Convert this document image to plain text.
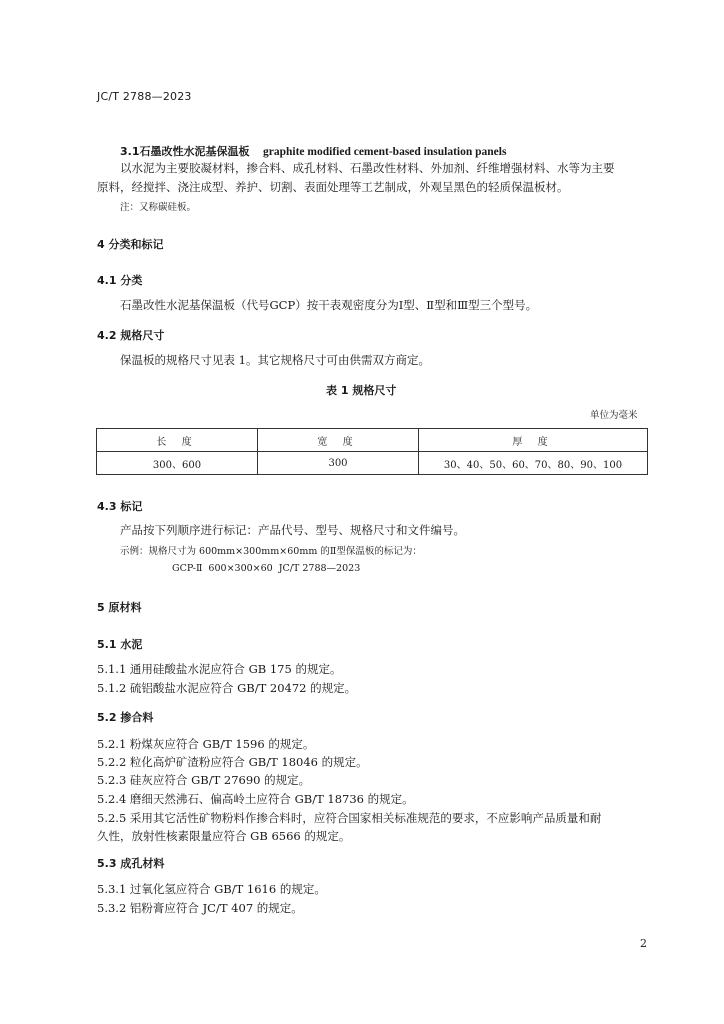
JC/T 2788—2023
3.1石墨改性水泥基保温板 graphite modified cement-based insulation panels
以水泥为主要胶凝材料，掺合料、成孔材料、石墨改性材料、外加剂、纤维增强材料、水等为主要
原料，经搅拌、浇注成型、养护、切割、表面处理等工艺制成，外观呈黑色的轻质保温板材。
注：又称碳硅板。
4 分类和标记
4.1 分类
石墨改性水泥基保温板（代号GCP）按干表观密度分为Ⅰ型、Ⅱ型和Ⅲ型三个型号。
4.2 规格尺寸
保温板的规格尺寸见表 1。其它规格尺寸可由供需双方商定。
表 1 规格尺寸
单位为毫米
长 度	宽 度	厚 度
300、600	300	30、40、50、60、70、80、90、100
4.3 标记
产品按下列顺序进行标记：产品代号、型号、规格尺寸和文件编号。
示例：规格尺寸为 600mm×300mm×60mm 的Ⅱ型保温板的标记为：
GCP-Ⅱ  600×300×60  JC/T 2788—2023
5 原材料
5.1 水泥
5.1.1 通用硅酸盐水泥应符合 GB 175 的规定。
5.1.2 硫铝酸盐水泥应符合 GB/T 20472 的规定。
5.2 掺合料
5.2.1 粉煤灰应符合 GB/T 1596 的规定。
5.2.2 粒化高炉矿渣粉应符合 GB/T 18046 的规定。
5.2.3 硅灰应符合 GB/T 27690 的规定。
5.2.4 磨细天然沸石、偏高岭土应符合 GB/T 18736 的规定。
5.2.5 采用其它活性矿物粉料作掺合料时，应符合国家相关标准规范的要求，不应影响产品质量和耐
久性，放射性核素限量应符合 GB 6566 的规定。
5.3 成孔材料
5.3.1 过氧化氢应符合 GB/T 1616 的规定。
5.3.2 铝粉膏应符合 JC/T 407 的规定。
2
